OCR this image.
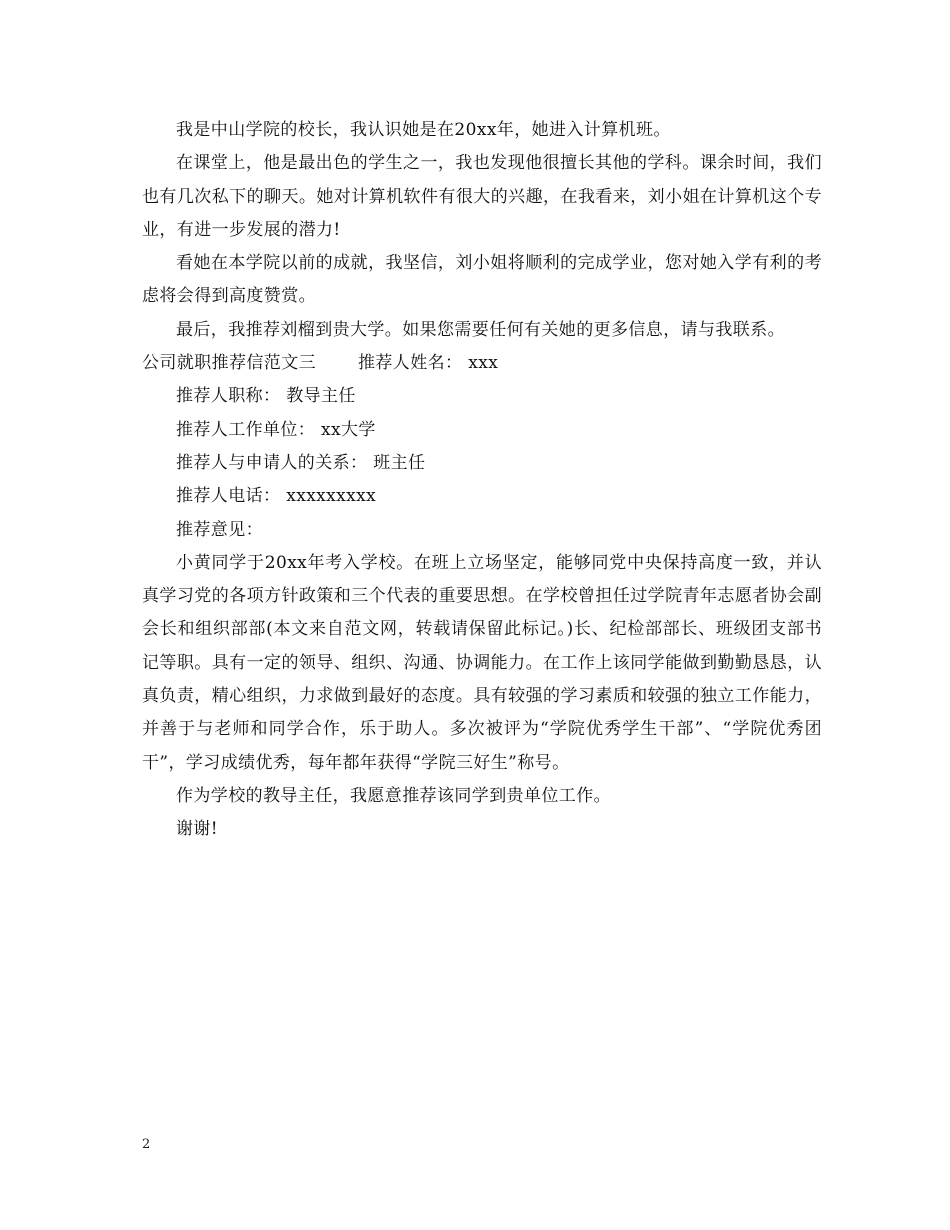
我是中山学院的校长，我认识她是在20xx年，她进入计算机班。

在课堂上，他是最出色的学生之一，我也发现他很擅长其他的学科。课余时间，我们也有几次私下的聊天。她对计算机软件有很大的兴趣，在我看来，刘小姐在计算机这个专业，有进一步发展的潜力!

看她在本学院以前的成就，我坚信，刘小姐将顺利的完成学业，您对她入学有利的考虑将会得到高度赞赏。

最后，我推荐刘榴到贵大学。如果您需要任何有关她的更多信息，请与我联系。

公司就职推荐信范文三 推荐人姓名： xxx

推荐人职称： 教导主任

推荐人工作单位： xx大学

推荐人与申请人的关系： 班主任

推荐人电话： xxxxxxxxx

推荐意见：

小黄同学于20xx年考入学校。在班上立场坚定，能够同党中央保持高度一致，并认真学习党的各项方针政策和三个代表的重要思想。在学校曾担任过学院青年志愿者协会副会长和组织部部(本文来自范文网，转载请保留此标记。)长、纪检部部长、班级团支部书记等职。具有一定的领导、组织、沟通、协调能力。在工作上该同学能做到勤勤恳恳，认真负责，精心组织，力求做到最好的态度。具有较强的学习素质和较强的独立工作能力，并善于与老师和同学合作，乐于助人。多次被评为“学院优秀学生干部”、“学院优秀团干”，学习成绩优秀，每年都年获得“学院三好生”称号。

作为学校的教导主任，我愿意推荐该同学到贵单位工作。

谢谢!

2
